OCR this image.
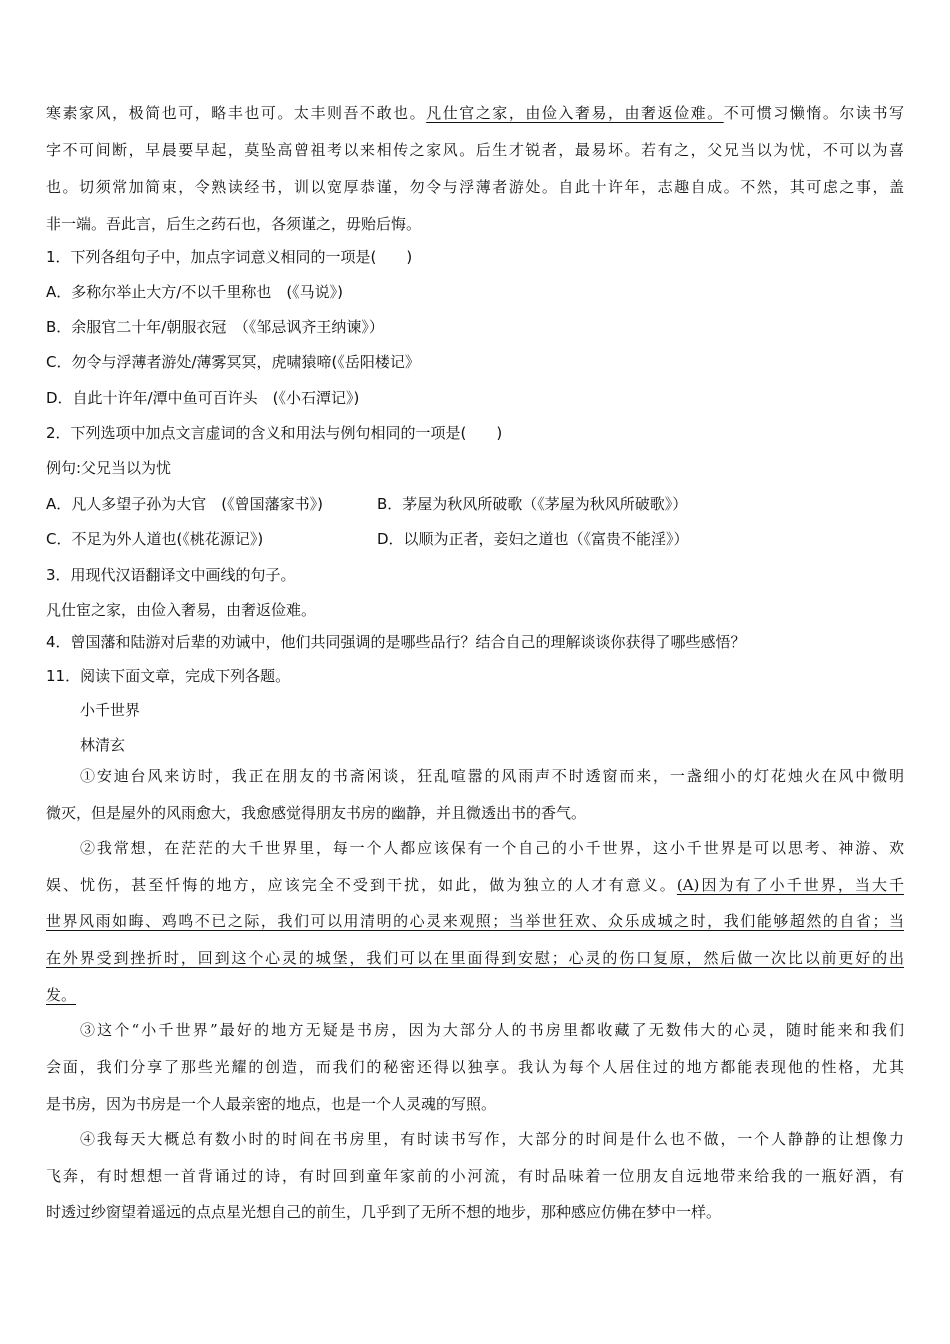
寒素家风，极简也可，略丰也可。太丰则吾不敢也。凡仕官之家，由俭入奢易，由奢返俭难。不可惯习懒惰。尔读书写
字不可间断，早晨要早起，莫坠高曾祖考以来相传之家风。后生才锐者，最易坏。若有之，父兄当以为忧，不可以为喜
也。切须常加简束，令熟读经书，训以宽厚恭谨，勿令与浮薄者游处。自此十许年，志趣自成。不然，其可虑之事，盖
非一端。吾此言，后生之药石也，各须谨之，毋贻后悔。
1．下列各组句子中，加点字词意义相同的一项是(　　)
A．多称尔举止大方/不以千里称也　(《马说》)
B．余服官二十年/朝服衣冠　（《邹忌讽齐王纳谏》）
C．勿令与浮薄者游处/薄雾冥冥，虎啸猿啼(《岳阳楼记》
D．自此十许年/潭中鱼可百许头　(《小石潭记》)
2．下列选项中加点文言虚词的含义和用法与例句相同的一项是(　　)
例句:父兄当以为忧
A．凡人多望子孙为大官　(《曾国藩家书》)	B．茅屋为秋风所破歌（《茅屋为秋风所破歌》）
C．不足为外人道也(《桃花源记》)	D．以顺为正者，妾妇之道也（《富贵不能淫》）
3．用现代汉语翻译文中画线的句子。
凡仕宦之家，由俭入奢易，由奢返俭难。
4．曾国藩和陆游对后辈的劝诫中，他们共同强调的是哪些品行？结合自己的理解谈谈你获得了哪些感悟？
11．阅读下面文章，完成下列各题。
小千世界
林清玄
①安迪台风来访时，我正在朋友的书斋闲谈，狂乱喧嚣的风雨声不时透窗而来，一盏细小的灯花烛火在风中微明
微灭，但是屋外的风雨愈大，我愈感觉得朋友书房的幽静，并且微透出书的香气。
②我常想，在茫茫的大千世界里，每一个人都应该保有一个自己的小千世界，这小千世界是可以思考、神游、欢
娱、忧伤，甚至忏悔的地方，应该完全不受到干扰，如此，做为独立的人才有意义。(A)因为有了小千世界，当大千
世界风雨如晦、鸡鸣不已之际，我们可以用清明的心灵来观照；当举世狂欢、众乐成城之时，我们能够超然的自省；当
在外界受到挫折时，回到这个心灵的城堡，我们可以在里面得到安慰；心灵的伤口复原，然后做一次比以前更好的出
发。
③这个“小千世界”最好的地方无疑是书房，因为大部分人的书房里都收藏了无数伟大的心灵，随时能来和我们
会面，我们分享了那些光耀的创造，而我们的秘密还得以独享。我认为每个人居住过的地方都能表现他的性格，尤其
是书房，因为书房是一个人最亲密的地点，也是一个人灵魂的写照。
④我每天大概总有数小时的时间在书房里，有时读书写作，大部分的时间是什么也不做，一个人静静的让想像力
飞奔，有时想想一首背诵过的诗，有时回到童年家前的小河流，有时品味着一位朋友自远地带来给我的一瓶好酒，有
时透过纱窗望着遥远的点点星光想自己的前生，几乎到了无所不想的地步，那种感应仿佛在梦中一样。
